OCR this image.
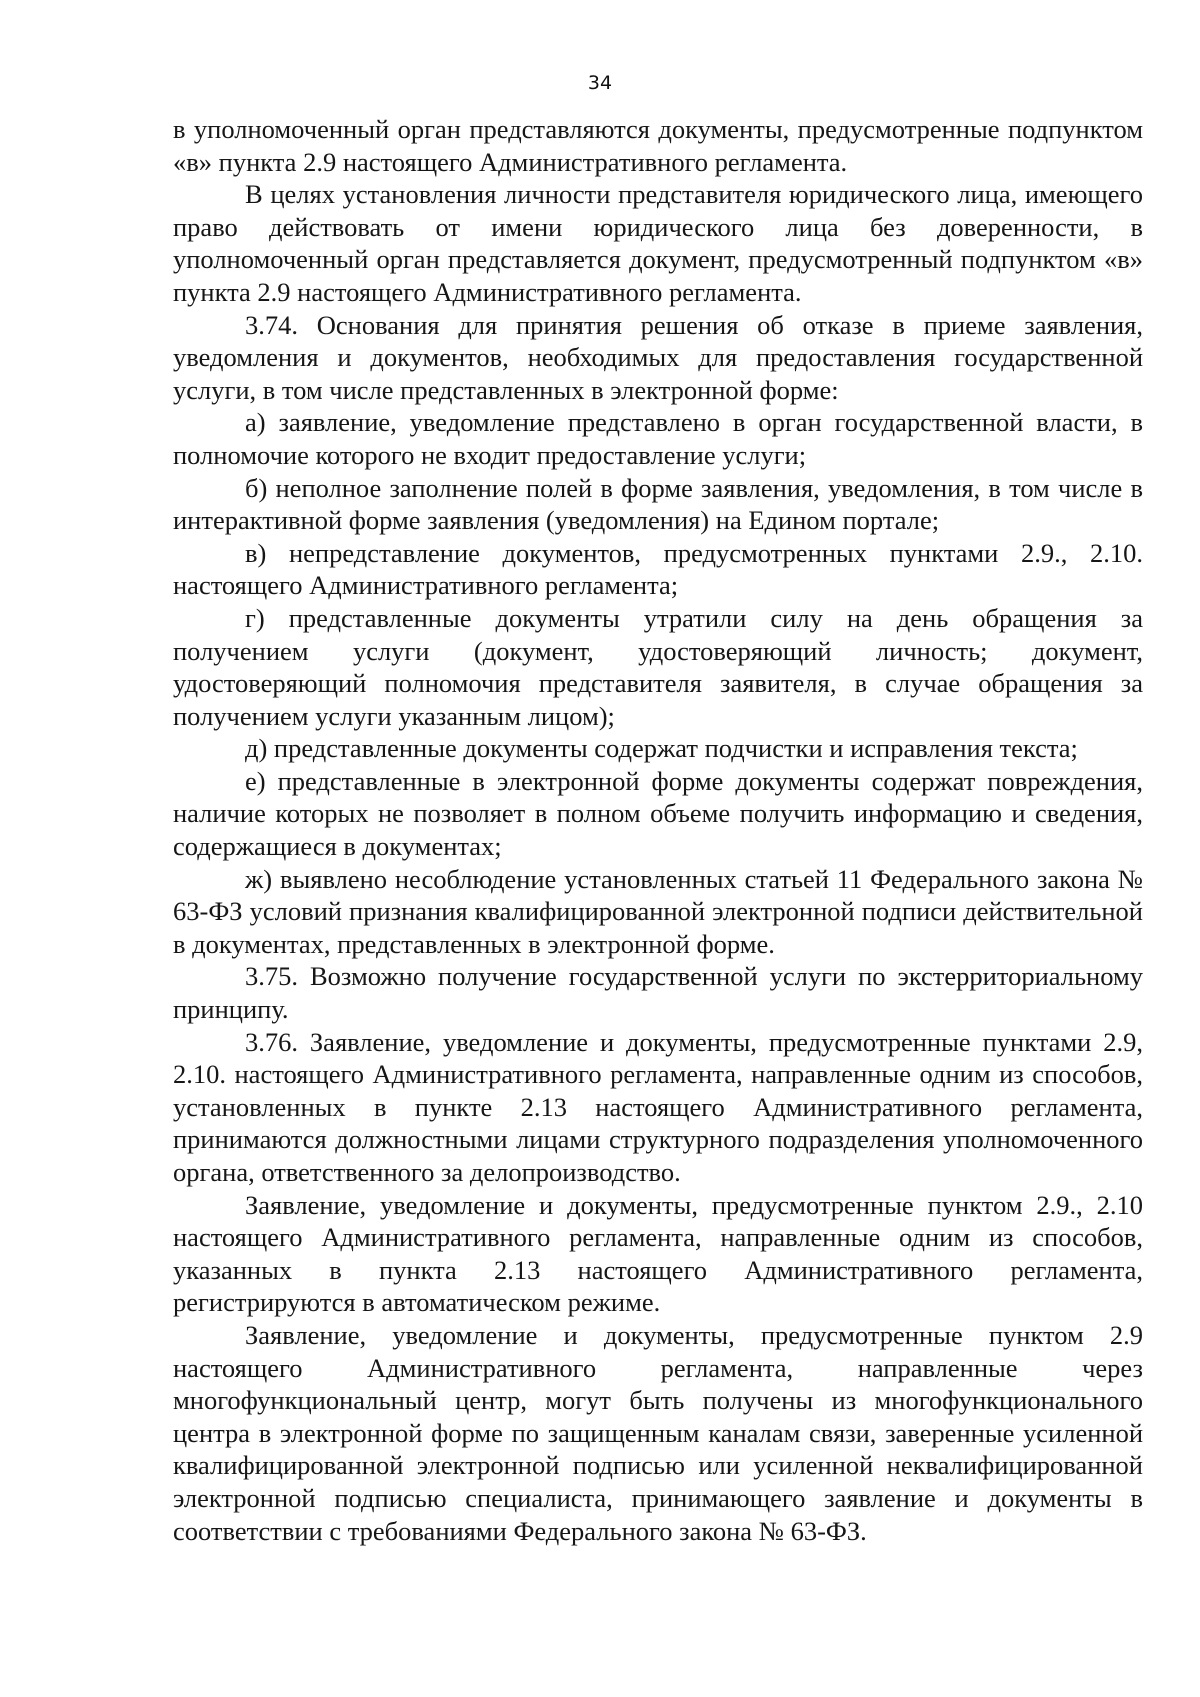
34

в уполномоченный орган представляются документы, предусмотренные подпунктом «в» пункта 2.9 настоящего Административного регламента.

В целях установления личности представителя юридического лица, имеющего право действовать от имени юридического лица без доверенности, в уполномоченный орган представляется документ, предусмотренный подпунктом «в» пункта 2.9 настоящего Административного регламента.

3.74. Основания для принятия решения об отказе в приеме заявления, уведомления и документов, необходимых для предоставления государственной услуги, в том числе представленных в электронной форме:

а) заявление, уведомление представлено в орган государственной власти, в полномочие которого не входит предоставление услуги;

б) неполное заполнение полей в форме заявления, уведомления, в том числе в интерактивной форме заявления (уведомления) на Едином портале;

в) непредставление документов, предусмотренных пунктами 2.9., 2.10. настоящего Административного регламента;

г) представленные документы утратили силу на день обращения за получением услуги (документ, удостоверяющий личность; документ, удостоверяющий полномочия представителя заявителя, в случае обращения за получением услуги указанным лицом);

д) представленные документы содержат подчистки и исправления текста;

е) представленные в электронной форме документы содержат повреждения, наличие которых не позволяет в полном объеме получить информацию и сведения, содержащиеся в документах;

ж) выявлено несоблюдение установленных статьей 11 Федерального закона № 63-ФЗ условий признания квалифицированной электронной подписи действительной в документах, представленных в электронной форме.

3.75. Возможно получение государственной услуги по экстерриториальному принципу.

3.76. Заявление, уведомление и документы, предусмотренные пунктами 2.9, 2.10. настоящего Административного регламента, направленные одним из способов, установленных в пункте 2.13 настоящего Административного регламента, принимаются должностными лицами структурного подразделения уполномоченного органа, ответственного за делопроизводство.

Заявление, уведомление и документы, предусмотренные пунктом 2.9., 2.10 настоящего Административного регламента, направленные одним из способов, указанных в пункта 2.13 настоящего Административного регламента, регистрируются в автоматическом режиме.

Заявление, уведомление и документы, предусмотренные пунктом 2.9 настоящего Административного регламента, направленные через многофункциональный центр, могут быть получены из многофункционального центра в электронной форме по защищенным каналам связи, заверенные усиленной квалифицированной электронной подписью или усиленной неквалифицированной электронной подписью специалиста, принимающего заявление и документы в соответствии с требованиями Федерального закона № 63-ФЗ.
